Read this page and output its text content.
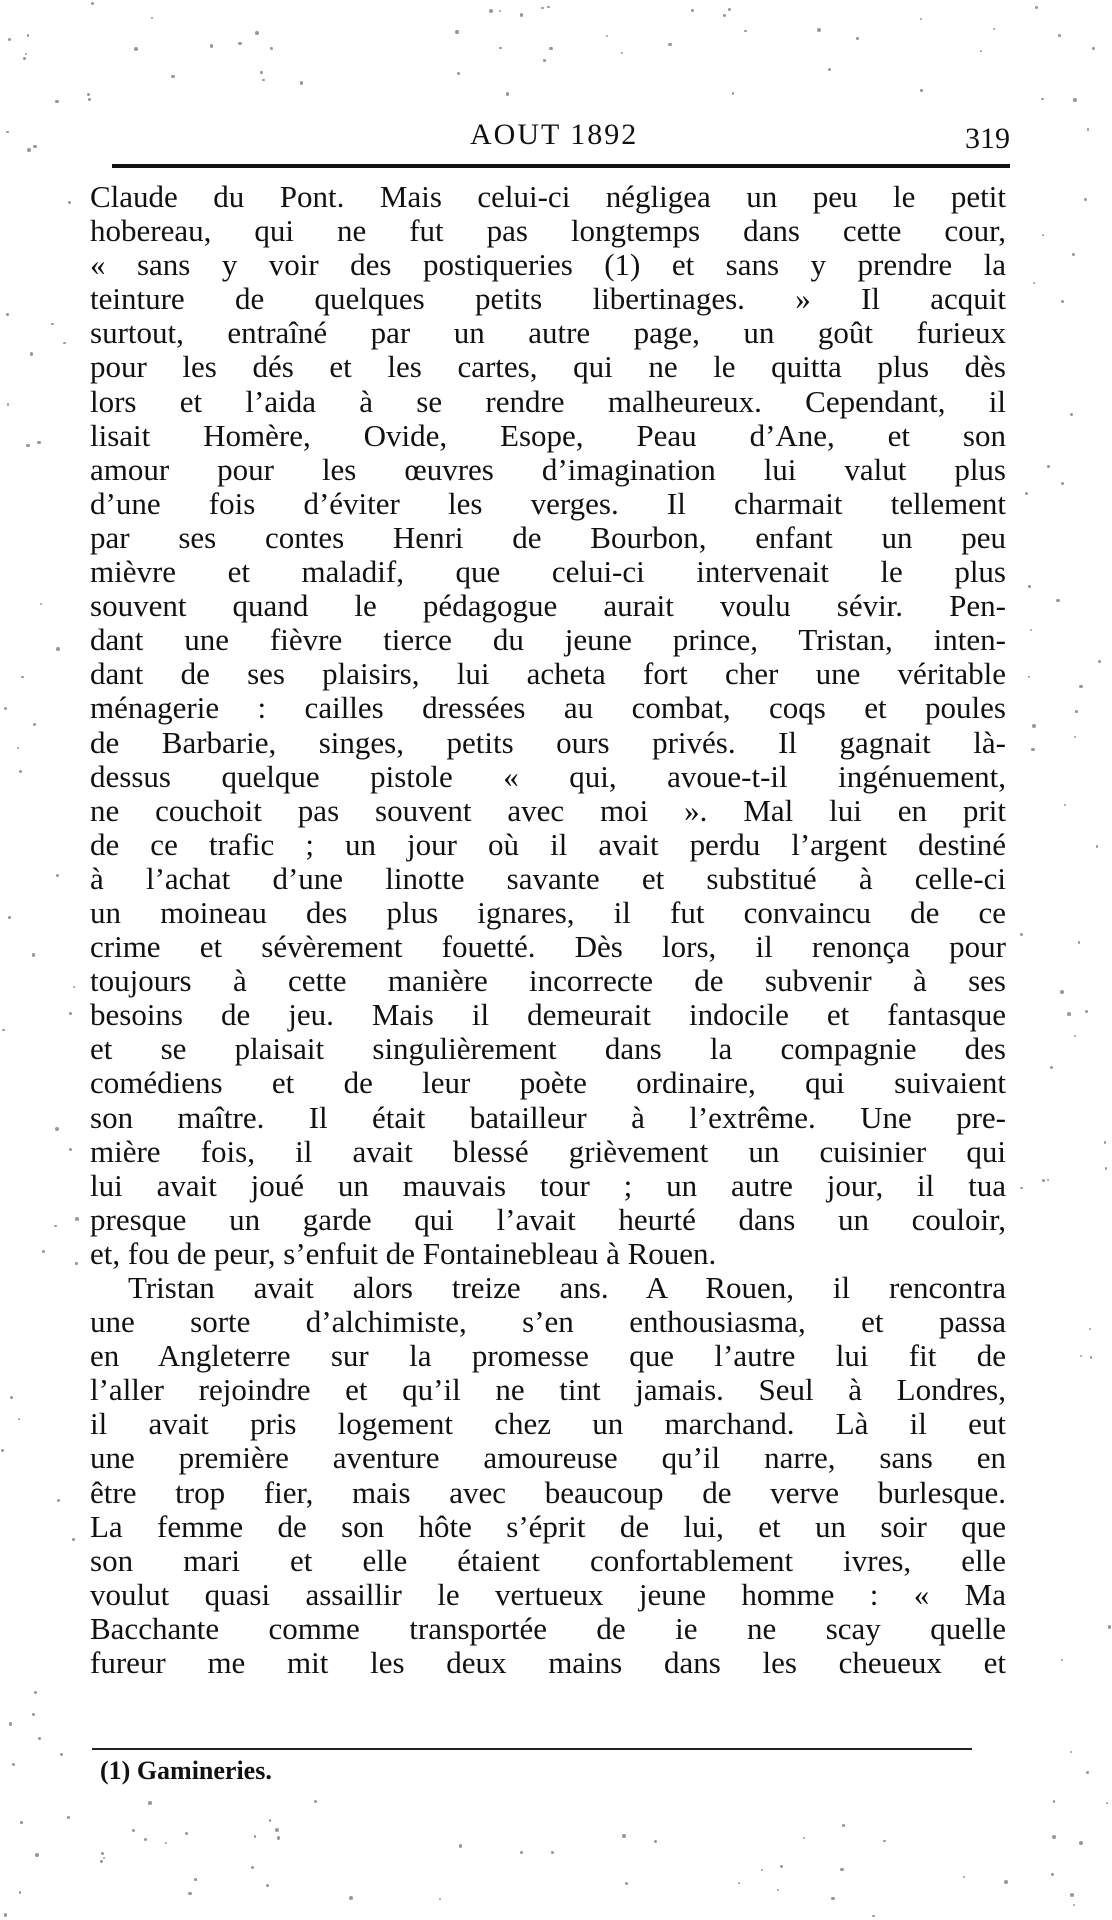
AOUT 1892	319
Claude du Pont. Mais celui-ci négligea un peu le petit
hobereau, qui ne fut pas longtemps dans cette cour,
« sans y voir des postiqueries (1) et sans y prendre la
teinture de quelques petits libertinages. » Il acquit
surtout, entraîné par un autre page, un goût furieux
pour les dés et les cartes, qui ne le quitta plus dès
lors et l’aida à se rendre malheureux. Cependant, il
lisait Homère, Ovide, Esope, Peau d’Ane, et son
amour pour les œuvres d’imagination lui valut plus
d’une fois d’éviter les verges. Il charmait tellement
par ses contes Henri de Bourbon, enfant un peu
mièvre et maladif, que celui-ci intervenait le plus
souvent quand le pédagogue aurait voulu sévir. Pen-
dant une fièvre tierce du jeune prince, Tristan, inten-
dant de ses plaisirs, lui acheta fort cher une véritable
ménagerie : cailles dressées au combat, coqs et poules
de Barbarie, singes, petits ours privés. Il gagnait là-
dessus quelque pistole « qui, avoue-t-il ingénuement,
ne couchoit pas souvent avec moi ». Mal lui en prit
de ce trafic ; un jour où il avait perdu l’argent destiné
à l’achat d’une linotte savante et substitué à celle-ci
un moineau des plus ignares, il fut convaincu de ce
crime et sévèrement fouetté. Dès lors, il renonça pour
toujours à cette manière incorrecte de subvenir à ses
besoins de jeu. Mais il demeurait indocile et fantasque
et se plaisait singulièrement dans la compagnie des
comédiens et de leur poète ordinaire, qui suivaient
son maître. Il était batailleur à l’extrême. Une pre-
mière fois, il avait blessé grièvement un cuisinier qui
lui avait joué un mauvais tour ; un autre jour, il tua
presque un garde qui l’avait heurté dans un couloir,
et, fou de peur, s’enfuit de Fontainebleau à Rouen.
Tristan avait alors treize ans. A Rouen, il rencontra
une sorte d’alchimiste, s’en enthousiasma, et passa
en Angleterre sur la promesse que l’autre lui fit de
l’aller rejoindre et qu’il ne tint jamais. Seul à Londres,
il avait pris logement chez un marchand. Là il eut
une première aventure amoureuse qu’il narre, sans en
être trop fier, mais avec beaucoup de verve burlesque.
La femme de son hôte s’éprit de lui, et un soir que
son mari et elle étaient confortablement ivres, elle
voulut quasi assaillir le vertueux jeune homme : « Ma
Bacchante comme transportée de ie ne scay quelle
fureur me mit les deux mains dans les cheueux et
(1) Gamineries.
